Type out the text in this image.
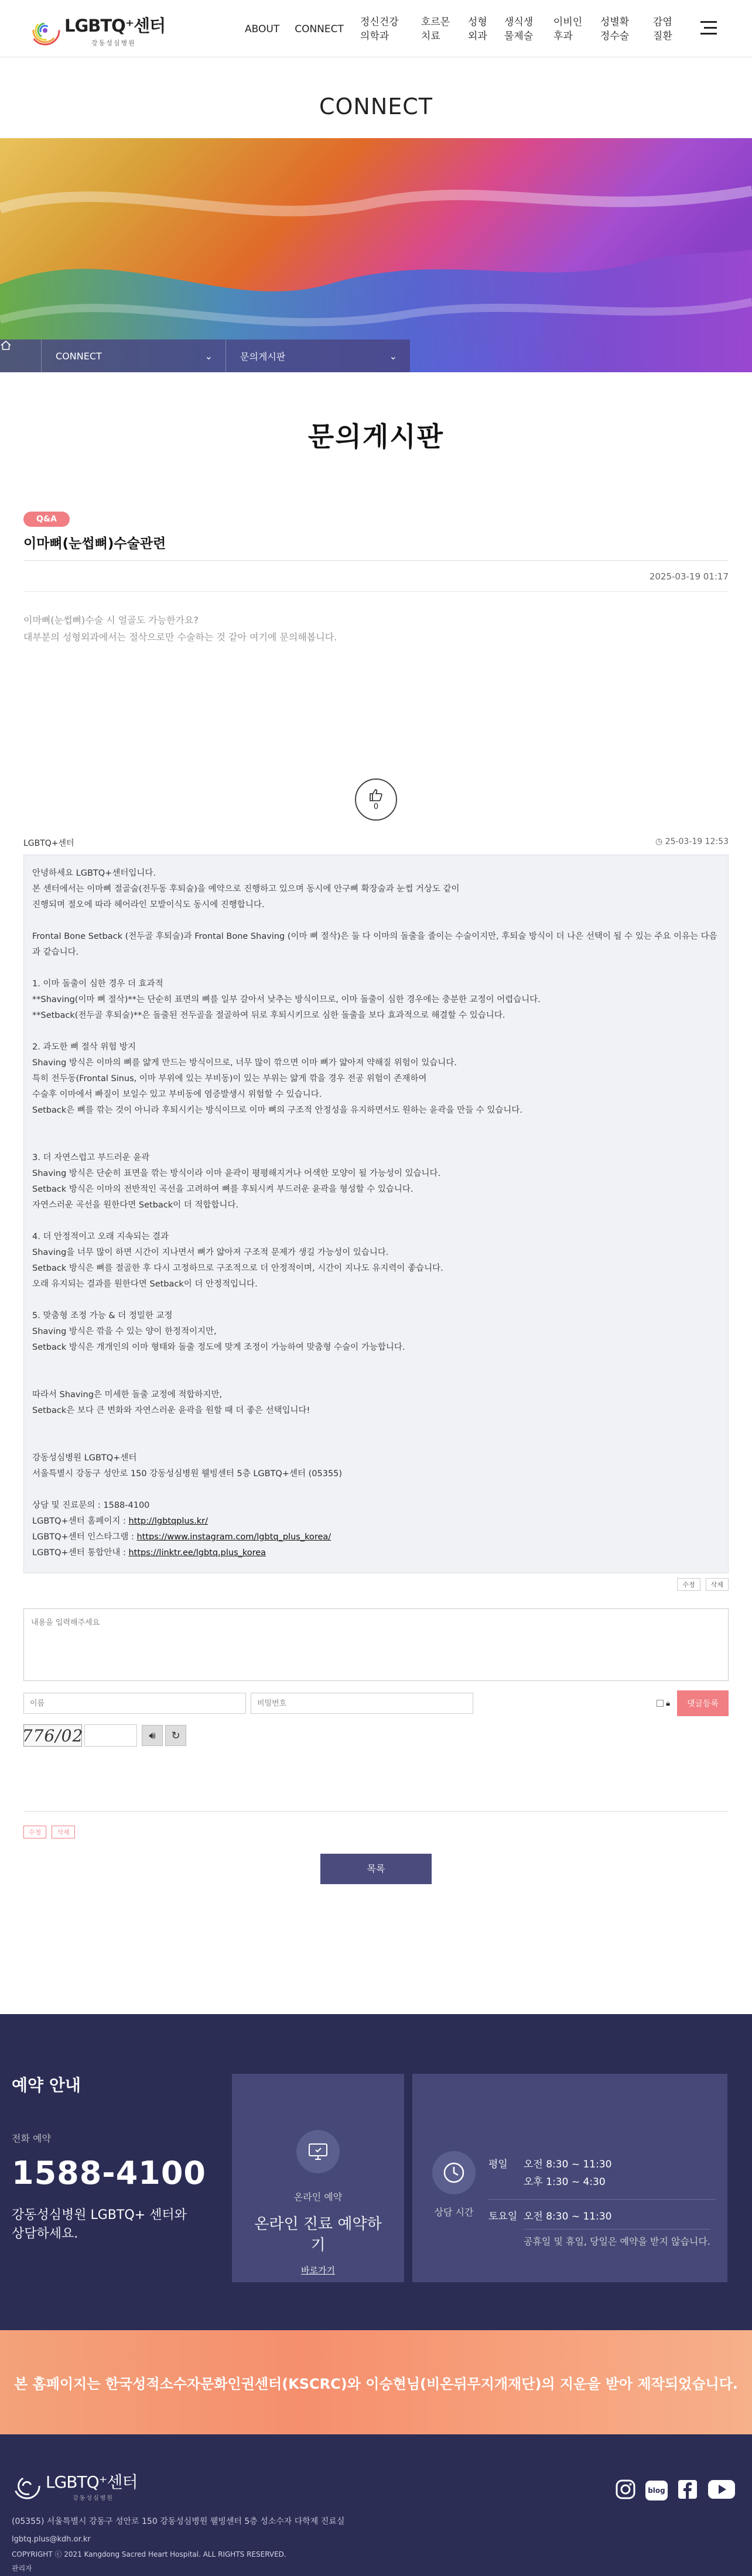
LGBTQ⁺센터
강동성심병원
ABOUT CONNECT
정신건강의학과
호르몬치료
성형외과
생식생물제술
이비인후과
성별확정수술
감염질환
CONNECT
CONNECT	⌄	문의게시판	⌄
문의게시판
Q&A
이마뼈(눈썹뼈)수술관련
2025-03-19 01:17

이마뼈(눈썹뼈)수술 시 얼골도 가능한가요?

대부분의 성형외과에서는 절삭으로만 수술하는 것 같아 여기에 문의해봅니다.

0
LGBTQ+센터	◷ 25-03-19 12:53

안녕하세요 LGBTQ+센터입니다.

본 센터에서는 이마뼈 절골술(전두동 후퇴술)을 예약으로 진행하고 있으며 동시에 안구뼈 확장술과 눈썹 거상도 같이

진행되며 절오에 따라 헤어라인 모발이식도 동시에 진행합니다.

Frontal Bone Setback (전두골 후퇴술)과 Frontal Bone Shaving (이마 뼈 절삭)은 둘 다 이마의 돌출을 줄이는 수술이지만, 후퇴술 방식이 더 나은 선택이 될 수 있는 주요 이유는 다음과 같습니다.

1. 이마 돌출이 심한 경우 더 효과적

**Shaving(이마 뼈 절삭)**는 단순히 표면의 뼈를 일부 갈아서 낮추는 방식이므로, 이마 돌출이 심한 경우에는 충분한 교정이 어렵습니다.

**Setback(전두골 후퇴술)**은 돌출된 전두골을 절골하여 뒤로 후퇴시키므로 심한 돌출을 보다 효과적으로 해결할 수 있습니다.

2. 과도한 뼈 절삭 위험 방지

Shaving 방식은 이마의 뼈를 얇게 만드는 방식이므로, 너무 많이 깎으면 이마 뼈가 얇아져 약해질 위험이 있습니다.

특히 전두동(Frontal Sinus, 이마 부위에 있는 부비동)이 있는 부위는 얇게 깎을 경우 전공 위험이 존재하여

수술후 이마에서 빠질이 보일수 있고 부비동에 염증발생시 위험할 수 있습니다.

Setback은 뼈를 깎는 것이 아니라 후퇴시키는 방식이므로 이마 뼈의 구조적 안정성을 유지하면서도 원하는 윤곽을 만들 수 있습니다.

3. 더 자연스럽고 부드러운 윤곽

Shaving 방식은 단순히 표면을 깎는 방식이라 이마 윤곽이 평평해지거나 어색한 모양이 될 가능성이 있습니다.

Setback 방식은 이마의 전반적인 곡선을 고려하여 뼈를 후퇴시켜 부드러운 윤곽을 형성할 수 있습니다.

자연스러운 곡선을 원한다면 Setback이 더 적합합니다.

4. 더 안정적이고 오래 지속되는 결과

Shaving을 너무 많이 하면 시간이 지나면서 뼈가 얇아져 구조적 문제가 생길 가능성이 있습니다.

Setback 방식은 뼈를 절골한 후 다시 고정하므로 구조적으로 더 안정적이며, 시간이 지나도 유지력이 좋습니다.

오래 유지되는 결과를 원한다면 Setback이 더 안정적입니다.

5. 맞춤형 조정 가능 & 더 정밀한 교정

Shaving 방식은 깎을 수 있는 양이 한정적이지만,

Setback 방식은 개개인의 이마 형태와 돌출 정도에 맞게 조정이 가능하여 맞춤형 수술이 가능합니다.

따라서 Shaving은 미세한 돌출 교정에 적합하지만,

Setback은 보다 큰 변화와 자연스러운 윤곽을 원할 때 더 좋은 선택입니다!

강동성심병원 LGBTQ+센터

서울특별시 강동구 성안로 150 강동성심병원 웰빙센터 5층 LGBTQ+센터 (05355)

상담 및 진료문의 : 1588-4100

LGBTQ+센터 홈페이지 : http://lgbtqplus.kr/

LGBTQ+센터 인스타그램 : https://www.instagram.com/lgbtq_plus_korea/

LGBTQ+센터 통합안내 : https://linktr.ee/lgbtq.plus_korea

수정 삭제
내용을 입력해주세요
이름
🔒︎	댓글등록
776/02	🔊︎	↻
수정 삭제
목록
예약 안내
전화 예약
1588-4100
강동성심병원 LGBTQ+ 센터와
상담하세요.
온라인 예약
온라인 진료 예약하
기
바로가기
상담 시간
평일	오전 8:30 ~ 11:30
오후 1:30 ~ 4:30
토요일 오전 8:30 ~ 11:30
공휴일 및 휴일, 당일은 예약을 받지 않습니다.
본 홈페이지는 한국성적소수자문화인권센터(KSCRC)와 이승현님(비온뒤무지개재단)의 지운을 받아 제작되었습니다.
LGBTQ⁺센터
강동성심병원
(05355) 서울특별시 강동구 성안로 150 강동성심병원 웰빙센터 5층 성소수자 다학제 진료실
lgbtq.plus@kdh.or.kr
COPYRIGHT ⓒ 2021 Kangdong Sacred Heart Hospital. ALL RIGHTS RESERVED.
관리자
blog
